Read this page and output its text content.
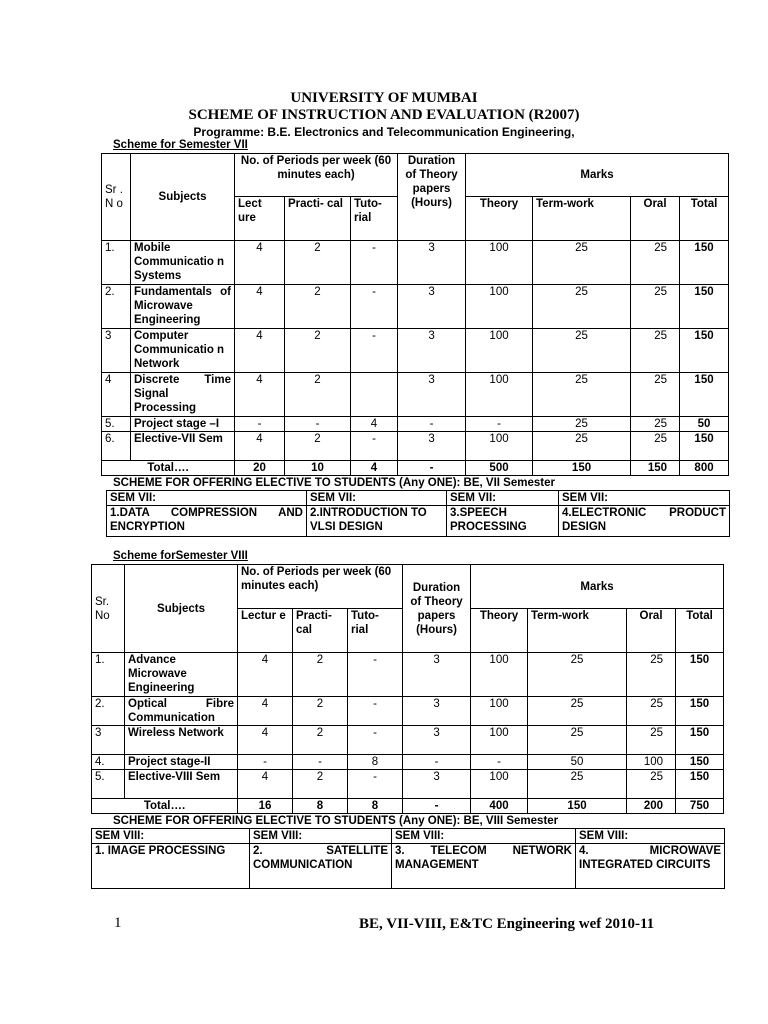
UNIVERSITY OF MUMBAI
SCHEME OF INSTRUCTION AND EVALUATION (R2007)
Programme: B.E. Electronics and Telecommunication Engineering,
Scheme for Semester VII
Sr . N o	Subjects	No. of Periods per week (60 minutes each)			Duration of Theory papers (Hours)	Marks			
		Lect ure	Practi- cal	Tuto- rial		Theory	Term-work	Oral	Total
1.	Mobile Communicatio n Systems	4	2	-	3	100	25	25	150
2.	Fundamentals of Microwave Engineering	4	2	-	3	100	25	25	150
3	Computer Communicatio n Network	4	2	-	3	100	25	25	150
4	Discrete Time Signal Processing	4	2		3	100	25	25	150
5.	Project stage –I	-	-	4	-	-	25	25	50
6.	Elective-VII Sem	4	2	-	3	100	25	25	150
Total….		20	10	4	-	500	150	150	800
SCHEME FOR OFFERING ELECTIVE TO STUDENTS (Any ONE): BE, VII Semester
SEM VII:	SEM VII:	SEM VII:	SEM VII:
1.DATA COMPRESSION AND ENCRYPTION	2.INTRODUCTION TO VLSI DESIGN	3.SPEECH PROCESSING	4.ELECTRONIC PRODUCT DESIGN
Scheme forSemester VIII
Sr. No	Subjects	No. of Periods per week (60 minutes each)			Duration of Theory papers (Hours)	Marks			
		Lectur e	Practi- cal	Tuto- rial		Theory	Term-work	Oral	Total
1.	Advance Microwave Engineering	4	2	-	3	100	25	25	150
2.	Optical Fibre Communication	4	2	-	3	100	25	25	150
3	Wireless Network	4	2	-	3	100	25	25	150
4.	Project stage-II	-	-	8	-	-	50	100	150
5.	Elective-VIII Sem	4	2	-	3	100	25	25	150
Total….		16	8	8	-	400	150	200	750
SCHEME FOR OFFERING ELECTIVE TO STUDENTS (Any ONE): BE, VIII Semester
SEM VIII:	SEM VIII:	SEM VIII:	SEM VIII:
1. IMAGE PROCESSING	2. SATELLITE COMMUNICATION	3. TELECOM NETWORK MANAGEMENT	4. MICROWAVE INTEGRATED CIRCUITS
1	BE, VII-VIII, E&TC Engineering wef 2010-11
